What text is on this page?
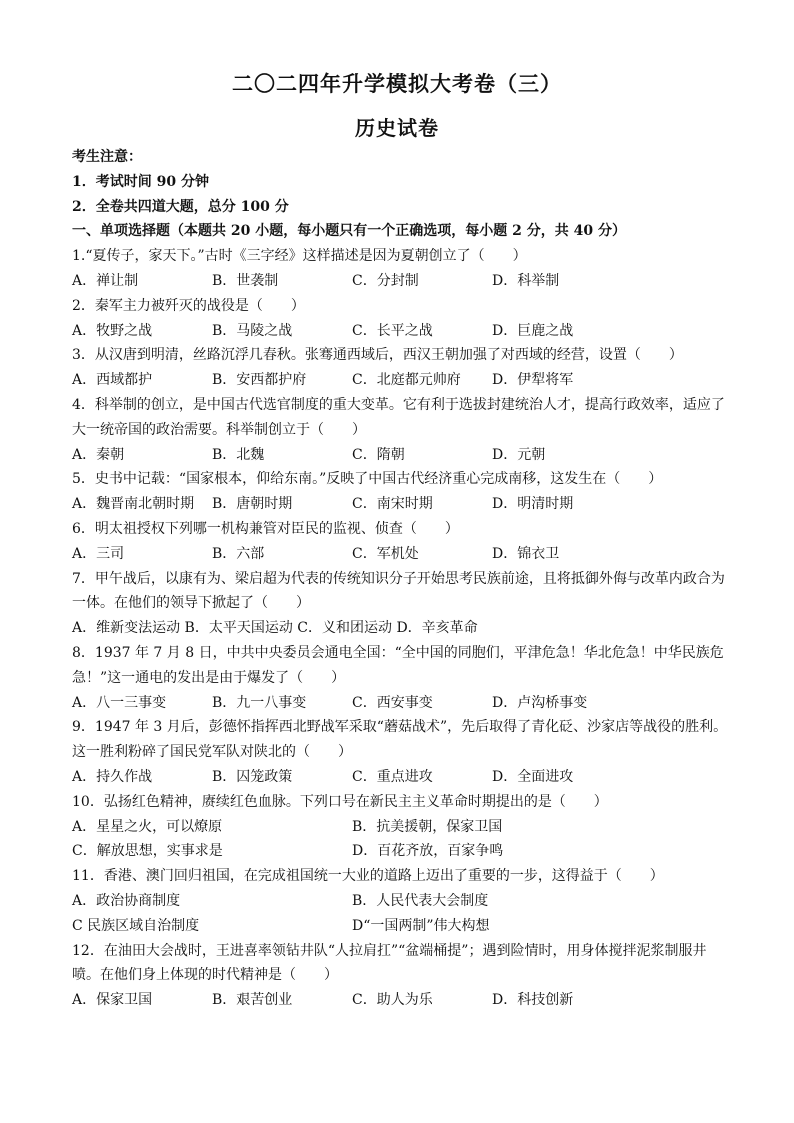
二〇二四年升学模拟大考卷（三）
历史试卷
考生注意：
1．考试时间 90 分钟
2．全卷共四道大题，总分 100 分
一、单项选择题（本题共 20 小题，每小题只有一个正确选项，每小题 2 分，共 40 分）
1.“夏传子，家天下。”古时《三字经》这样描述是因为夏朝创立了（　　）
A．禅让制	B．世袭制	C．分封制	D．科举制
2．秦军主力被歼灭的战役是（　　）
A．牧野之战	B．马陵之战	C．长平之战	D．巨鹿之战
3．从汉唐到明清，丝路沉浮几春秋。张骞通西域后，西汉王朝加强了对西域的经营，设置（　　）
A．西域都护	B．安西都护府	C．北庭都元帅府	D．伊犁将军
4．科举制的创立，是中国古代选官制度的重大变革。它有利于选拔封建统治人才，提高行政效率，适应了
大一统帝国的政治需要。科举制创立于（　　）
A．秦朝	B．北魏	C．隋朝	D．元朝
5．史书中记载：“国家根本，仰给东南。”反映了中国古代经济重心完成南移，这发生在（　　）
A．魏晋南北朝时期	B．唐朝时期	C．南宋时期	D．明清时期
6．明太祖授权下列哪一机构兼管对臣民的监视、侦查（　　）
A．三司	B．六部	C．军机处	D．锦衣卫
7．甲午战后，以康有为、梁启超为代表的传统知识分子开始思考民族前途，且将抵御外侮与改革内政合为
一体。在他们的领导下掀起了（　　）
A．维新变法运动 B．太平天国运动 C．义和团运动 D．辛亥革命
8．1937 年 7 月 8 日，中共中央委员会通电全国：“全中国的同胞们，平津危急！华北危急！中华民族危
急！”这一通电的发出是由于爆发了（　　）
A．八一三事变	B．九一八事变	C．西安事变	D．卢沟桥事变
9．1947 年 3 月后，彭德怀指挥西北野战军采取“蘑菇战术”，先后取得了青化砭、沙家店等战役的胜利。
这一胜利粉碎了国民党军队对陕北的（　　）
A．持久作战	B．囚笼政策	C．重点进攻	D．全面进攻
10．弘扬红色精神，赓续红色血脉。下列口号在新民主主义革命时期提出的是（　　）
A．星星之火，可以燎原	B．抗美援朝，保家卫国
C．解放思想，实事求是	D．百花齐放，百家争鸣
11．香港、澳门回归祖国，在完成祖国统一大业的道路上迈出了重要的一步，这得益于（　　）
A．政治协商制度	B．人民代表大会制度
C 民族区域自治制度	D“一国两制”伟大构想
12．在油田大会战时，王进喜率领钻井队“人拉肩扛”“盆端桶提”；遇到险情时，用身体搅拌泥浆制服井
喷。在他们身上体现的时代精神是（　　）
A．保家卫国	B．艰苦创业	C．助人为乐	D．科技创新
